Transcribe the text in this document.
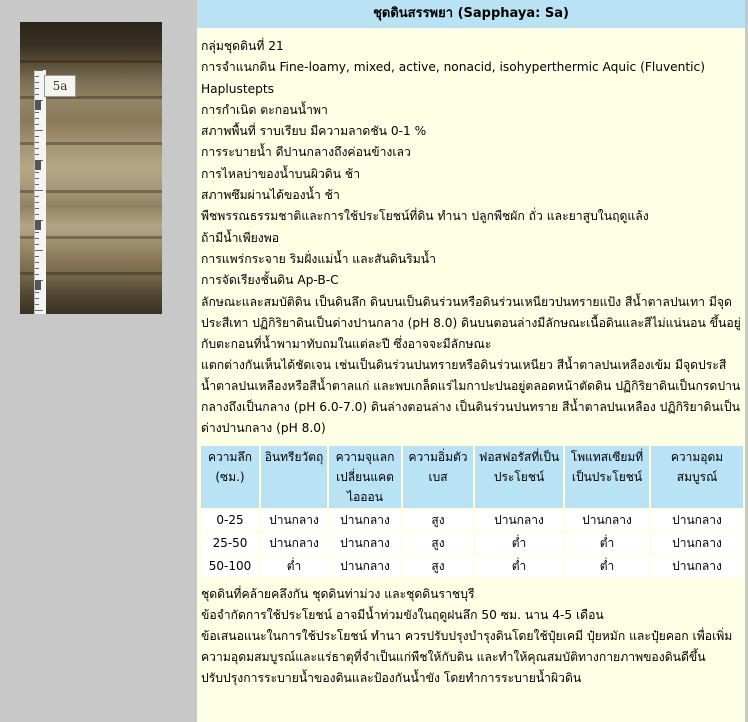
5a
ชุดดินสรรพยา (Sapphaya: Sa)

กลุ่มชุดดินที่ 21

การจำแนกดิน Fine-loamy, mixed, active, nonacid, isohyperthermic Aquic (Fluventic) Haplustepts

การกำเนิด ตะกอนน้ำพา

สภาพพื้นที่ ราบเรียบ มีความลาดชัน 0-1 %

การระบายน้ำ ดีปานกลางถึงค่อนข้างเลว

การไหลบ่าของน้ำบนผิวดิน ช้า

สภาพซึมผ่านได้ของน้ำ ช้า

พืชพรรณธรรมชาติและการใช้ประโยชน์ที่ดิน ทำนา ปลูกพืชผัก ถั่ว และยาสูบในฤดูแล้ง

ถ้ามีน้ำเพียงพอ

การแพร่กระจาย ริมฝั่งแม่น้ำ และสันดินริมน้ำ

การจัดเรียงชั้นดิน Ap-B-C

ลักษณะและสมบัติดิน เป็นดินลึก ดินบนเป็นดินร่วนหรือดินร่วนเหนียวปนทรายแป้ง สีน้ำตาลปนเทา มีจุดประสีเทา ปฏิกิริยาดินเป็นด่างปานกลาง (pH 8.0) ดินบนตอนล่างมีลักษณะเนื้อดินและสีไม่แน่นอน ขึ้นอยู่กับตะกอนที่น้ำพามาทับถมในแต่ละปี ซึ่งอาจจะมีลักษณะ

แตกต่างกันเห็นได้ชัดเจน เช่นเป็นดินร่วนปนทรายหรือดินร่วนเหนียว สีน้ำตาลปนเหลืองเข้ม มีจุดประสีน้ำตาลปนเหลืองหรือสีน้ำตาลแก่ และพบเกล็ดแร่ไมกาปะปนอยู่ตลอดหน้าตัดดิน ปฏิกิริยาดินเป็นกรดปานกลางถึงเป็นกลาง (pH 6.0-7.0) ดินล่างตอนล่าง เป็นดินร่วนปนทราย สีน้ำตาลปนเหลือง ปฏิกิริยาดินเป็นด่างปานกลาง (pH 8.0)

ความลึก (ซม.)	อินทรียวัตถุ	ความจุแลกเปลี่ยนแคตไอออน	ความอิ่มตัวเบส	ฟอสฟอรัสที่เป็นประโยชน์	โพแทสเซียมที่เป็นประโยชน์	ความอุดมสมบูรณ์
0-25	ปานกลาง	ปานกลาง	สูง	ปานกลาง	ปานกลาง	ปานกลาง
25-50	ปานกลาง	ปานกลาง	สูง	ต่ำ	ต่ำ	ปานกลาง
50-100	ต่ำ	ปานกลาง	สูง	ต่ำ	ต่ำ	ปานกลาง

ชุดดินที่คล้ายคลึงกัน ชุดดินท่าม่วง และชุดดินราชบุรี

ข้อจำกัดการใช้ประโยชน์ อาจมีน้ำท่วมขังในฤดูฝนลึก 50 ซม. นาน 4-5 เดือน

ข้อเสนอแนะในการใช้ประโยชน์ ทำนา ควรปรับปรุงบำรุงดินโดยใช้ปุ๋ยเคมี ปุ๋ยหมัก และปุ๋ยคอก เพื่อเพิ่มความอุดมสมบูรณ์และแร่ธาตุที่จำเป็นแก่พืชให้กับดิน และทำให้คุณสมบัติทางกายภาพของดินดีขึ้น ปรับปรุงการระบายน้ำของดินและป้องกันน้ำขัง โดยทำการระบายน้ำผิวดิน
